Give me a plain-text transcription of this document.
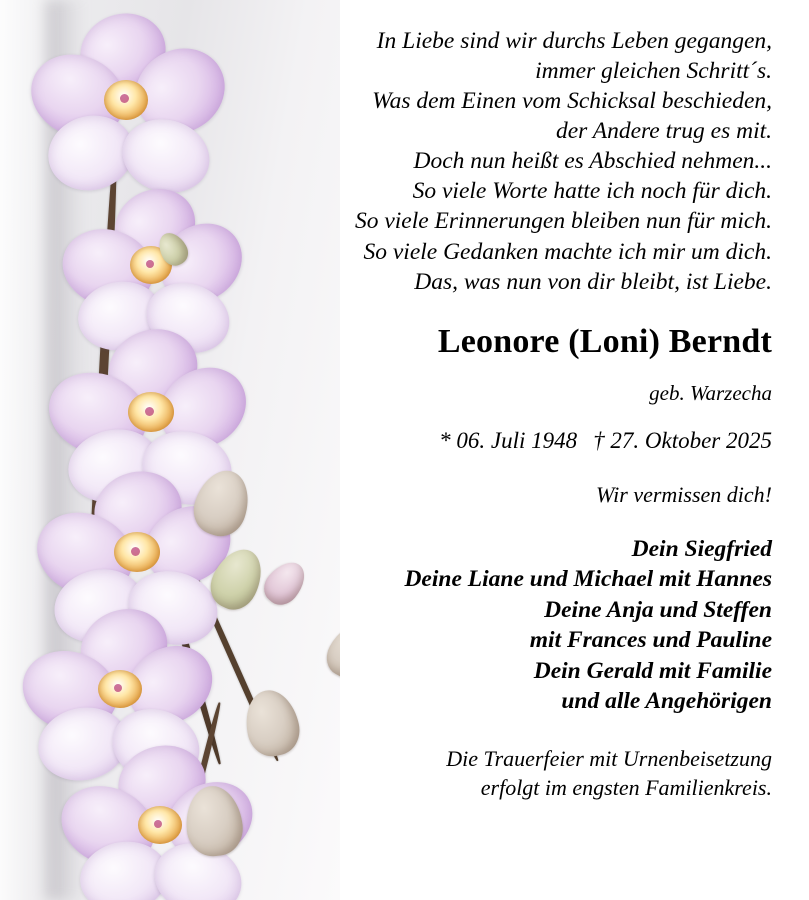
In Liebe sind wir durchs Leben gegangen,
immer gleichen Schritt´s.
Was dem Einen vom Schicksal beschieden,
der Andere trug es mit.
Doch nun heißt es Abschied nehmen...
So viele Worte hatte ich noch für dich.
So viele Erinnerungen bleiben nun für mich.
So viele Gedanken machte ich mir um dich.
Das, was nun von dir bleibt, ist Liebe.
Leonore (Loni) Berndt
geb. Warzecha
* 06. Juli 1948 † 27. Oktober 2025
Wir vermissen dich!
Dein Siegfried
Deine Liane und Michael mit Hannes
Deine Anja und Steffen
mit Frances und Pauline
Dein Gerald mit Familie
und alle Angehörigen
Die Trauerfeier mit Urnenbeisetzung
erfolgt im engsten Familienkreis.
